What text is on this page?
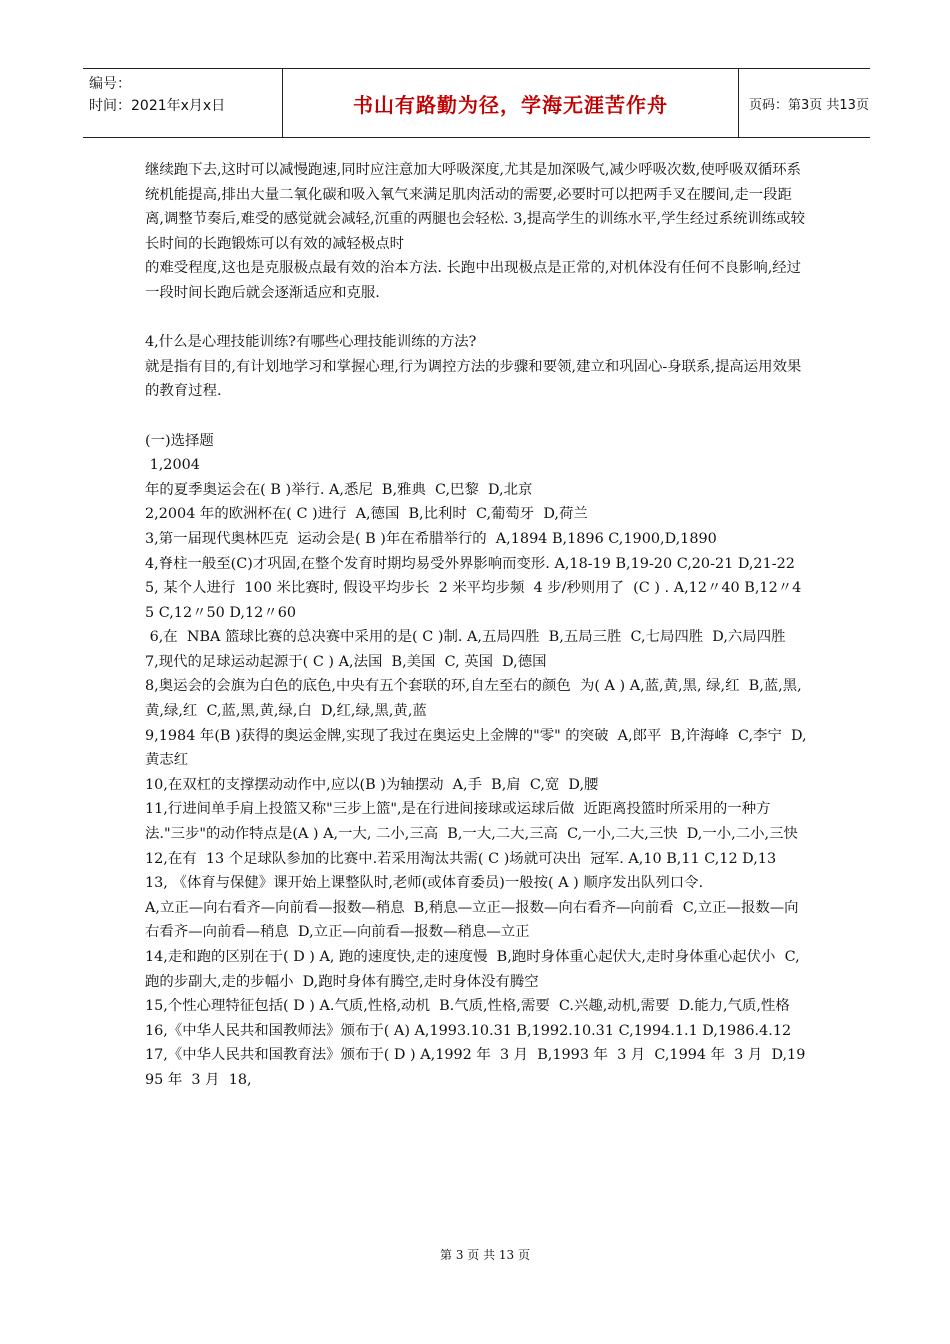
编号：
时间：2021年x月x日	书山有路勤为径，学海无涯苦作舟	页码：第3页 共13页

继续跑下去,这时可以减慢跑速,同时应注意加大呼吸深度,尤其是加深吸气,减少呼吸次数,使呼吸双循环系统机能提高,排出大量二氧化碳和吸入氧气来满足肌肉活动的需要,必要时可以把两手叉在腰间,走一段距离,调整节奏后,难受的感觉就会减轻,沉重的两腿也会轻松. 3,提高学生的训练水平,学生经过系统训练或较长时间的长跑锻炼可以有效的减轻极点时

的难受程度,这也是克服极点最有效的治本方法. 长跑中出现极点是正常的,对机体没有任何不良影响,经过一段时间长跑后就会逐渐适应和克服.

4,什么是心理技能训练?有哪些心理技能训练的方法?

就是指有目的,有计划地学习和掌握心理,行为调控方法的步骤和要领,建立和巩固心-身联系,提高运用效果的教育过程.

(一)选择题

1,2004

年的夏季奥运会在( B )举行. A,悉尼  B,雅典  C,巴黎  D,北京

2,2004 年的欧洲杯在( C )进行  A,德国  B,比利时  C,葡萄牙  D,荷兰

3,第一届现代奥林匹克  运动会是( B )年在希腊举行的  A,1894 B,1896 C,1900,D,1890

4,脊柱一般至(C)才巩固,在整个发育时期均易受外界影响而变形. A,18-19 B,19-20 C,20-21 D,21-22

5, 某个人进行  100 米比赛时, 假设平均步长  2 米平均步频  4 步/秒则用了  (C ) . A,12〃40 B,12〃45 C,12〃50 D,12〃60

6,在  NBA 篮球比赛的总决赛中采用的是( C )制. A,五局四胜  B,五局三胜  C,七局四胜  D,六局四胜

7,现代的足球运动起源于( C ) A,法国  B,美国  C, 英国  D,德国

8,奥运会的会旗为白色的底色,中央有五个套联的环,自左至右的颜色  为( A ) A,蓝,黄,黑, 绿,红  B,蓝,黑,黄,绿,红  C,蓝,黑,黄,绿,白  D,红,绿,黑,黄,蓝

9,1984 年(B )获得的奥运金牌,实现了我过在奥运史上金牌的"零" 的突破  A,郎平  B,许海峰  C,李宁  D,黄志红

10,在双杠的支撑摆动动作中,应以(B )为轴摆动  A,手  B,肩  C,宽  D,腰

11,行进间单手肩上投篮又称"三步上篮",是在行进间接球或运球后做  近距离投篮时所采用的一种方法."三步"的动作特点是(A ) A,一大, 二小,三高  B,一大,二大,三高  C,一小,二大,三快  D,一小,二小,三快

12,在有  13 个足球队参加的比赛中.若采用淘汰共需( C )场就可决出  冠军. A,10 B,11 C,12 D,13

13, 《体育与保健》课开始上课整队时,老师(或体育委员)一般按( A ) 顺序发出队列口令.

A,立正—向右看齐—向前看—报数—稍息  B,稍息—立正—报数—向右看齐—向前看  C,立正—报数—向右看齐—向前看—稍息  D,立正—向前看—报数—稍息—立正

14,走和跑的区别在于( D ) A, 跑的速度快,走的速度慢  B,跑时身体重心起伏大,走时身体重心起伏小  C,跑的步副大,走的步幅小  D,跑时身体有腾空,走时身体没有腾空

15,个性心理特征包括( D ) A.气质,性格,动机  B.气质,性格,需要  C.兴趣,动机,需要  D.能力,气质,性格

16,《中华人民共和国教师法》颁布于( A) A,1993.10.31 B,1992.10.31 C,1994.1.1 D,1986.4.12

17,《中华人民共和国教育法》颁布于( D ) A,1992 年  3 月  B,1993 年  3 月  C,1994 年  3 月  D,1995 年  3 月  18,

第 3 页 共 13 页
